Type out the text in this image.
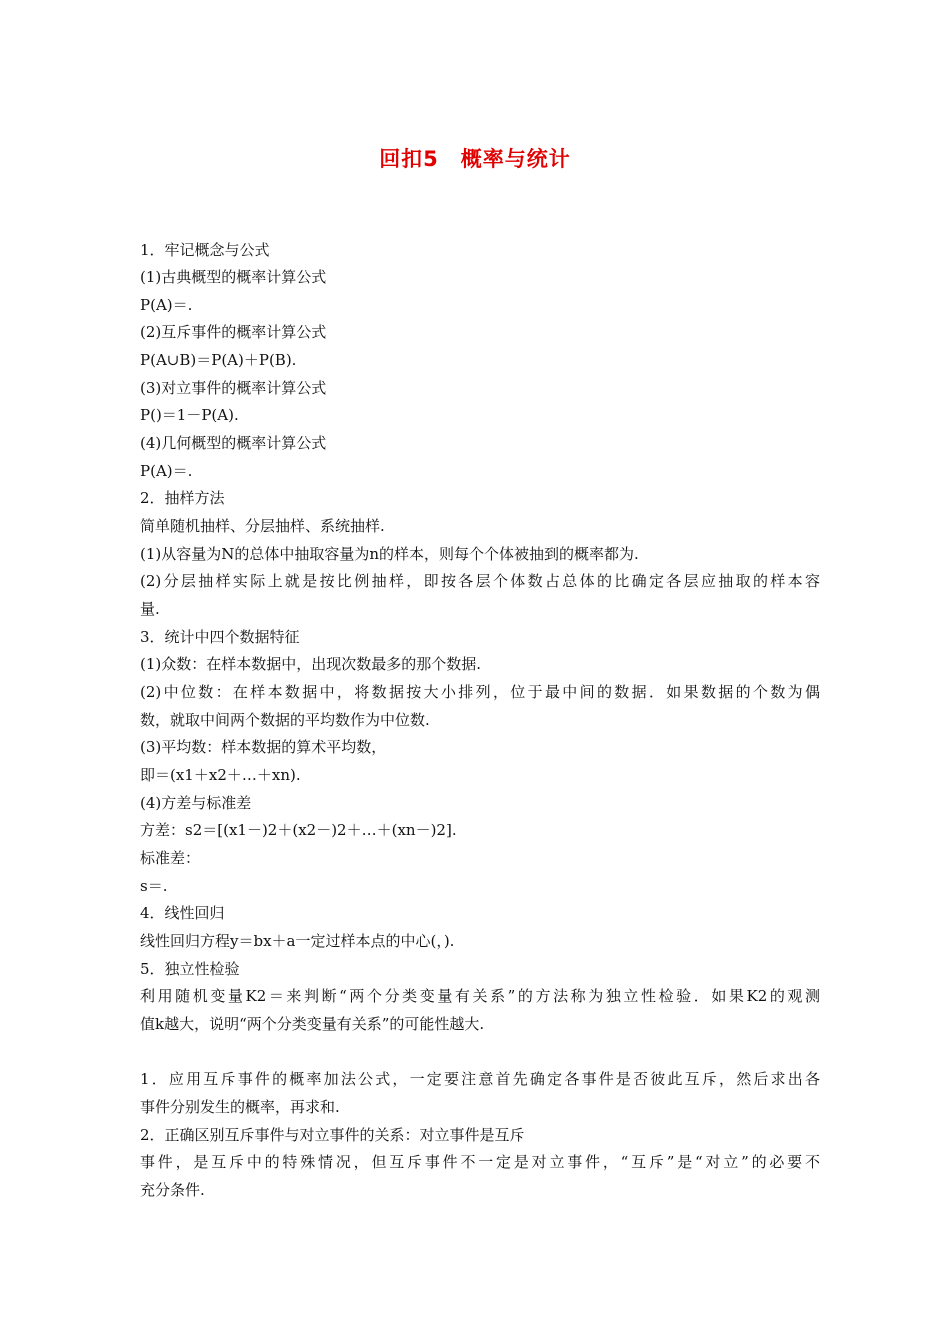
回扣5　概率与统计
1．牢记概念与公式
(1)古典概型的概率计算公式
P(A)＝.
(2)互斥事件的概率计算公式
P(A∪B)＝P(A)＋P(B).
(3)对立事件的概率计算公式
P()＝1－P(A).
(4)几何概型的概率计算公式
P(A)＝.
2．抽样方法
简单随机抽样、分层抽样、系统抽样.
(1)从容量为N的总体中抽取容量为n的样本，则每个个体被抽到的概率都为.
(2)分层抽样实际上就是按比例抽样，即按各层个体数占总体的比确定各层应抽取的样本容
量.
3．统计中四个数据特征
(1)众数：在样本数据中，出现次数最多的那个数据.
(2)中位数：在样本数据中，将数据按大小排列，位于最中间的数据．如果数据的个数为偶
数，就取中间两个数据的平均数作为中位数.
(3)平均数：样本数据的算术平均数，
即＝(x1＋x2＋…＋xn).
(4)方差与标准差
方差：s2＝[(x1－)2＋(x2－)2＋…＋(xn－)2].
标准差：
s＝.
4．线性回归
线性回归方程y＝bx＋a一定过样本点的中心(，).
5．独立性检验
利用随机变量K2＝来判断“两个分类变量有关系”的方法称为独立性检验．如果K2的观测
值k越大，说明“两个分类变量有关系”的可能性越大.
1．应用互斥事件的概率加法公式，一定要注意首先确定各事件是否彼此互斥，然后求出各
事件分别发生的概率，再求和.
2．正确区别互斥事件与对立事件的关系：对立事件是互斥
事件，是互斥中的特殊情况，但互斥事件不一定是对立事件，“互斥”是“对立”的必要不
充分条件.
